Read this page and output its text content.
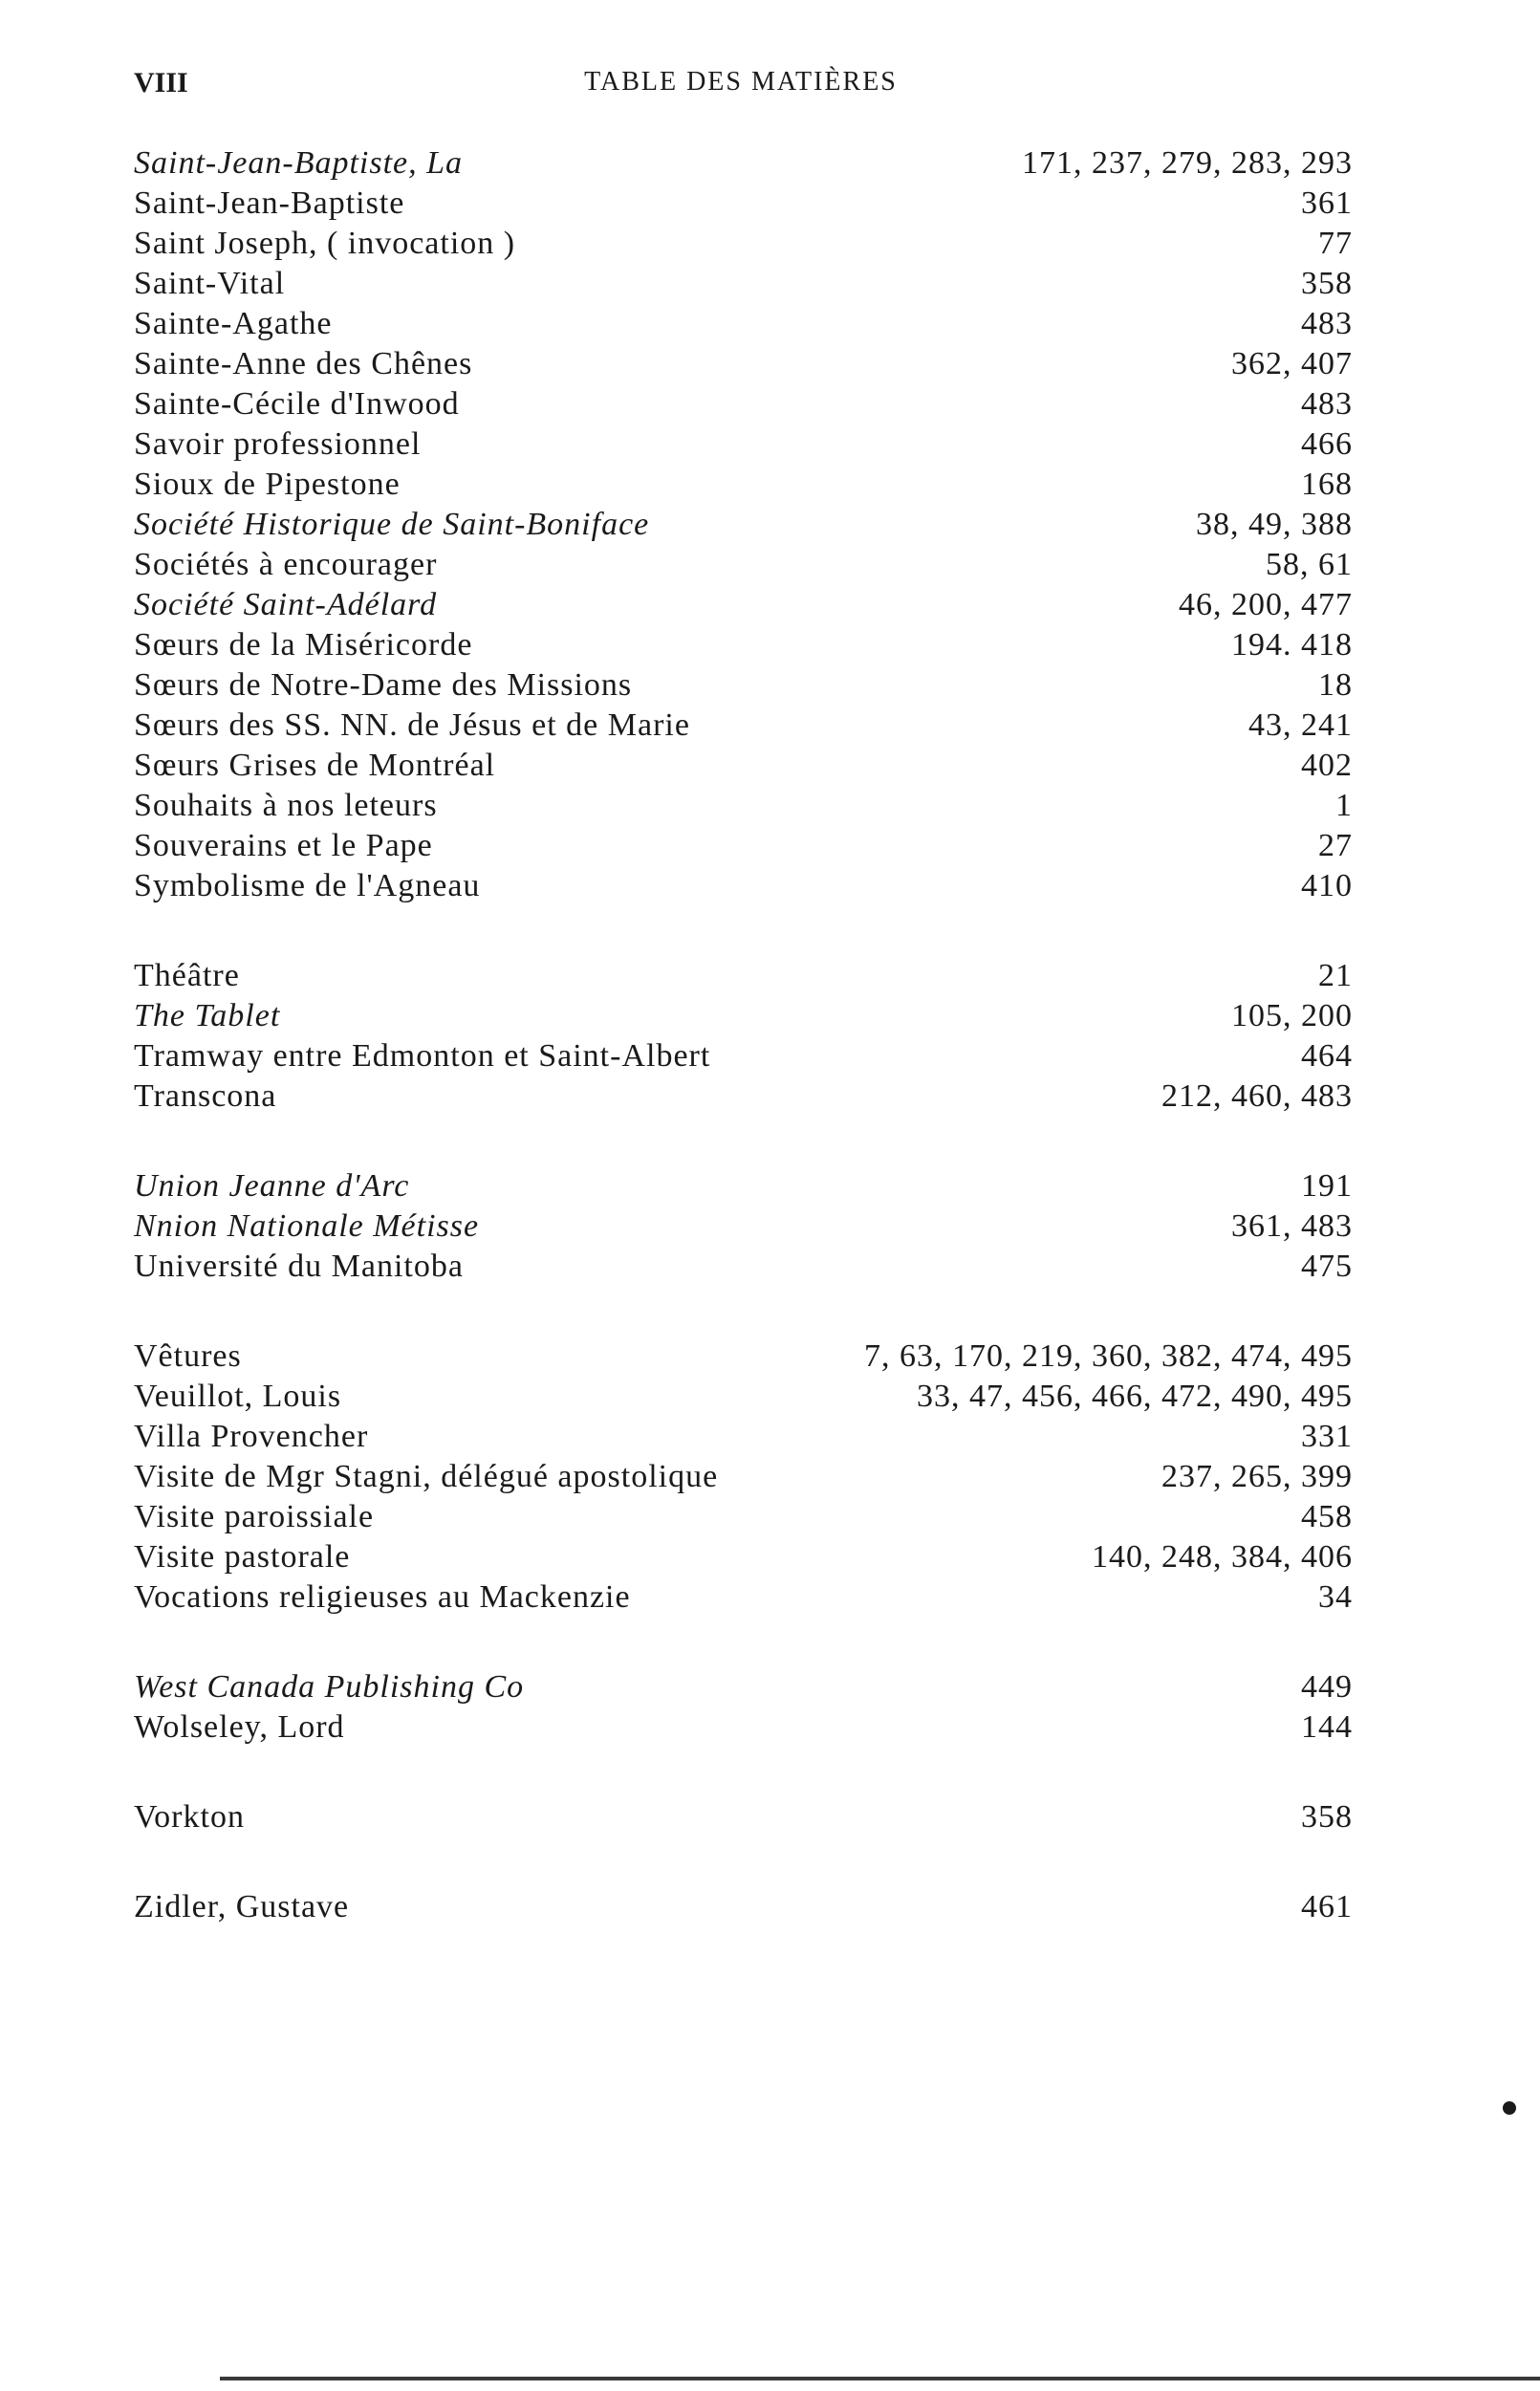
VIII	TABLE DES MATIÈRES
Saint-Jean-Baptiste, La	171, 237, 279, 283, 293
Saint-Jean-Baptiste	361
Saint Joseph, ( invocation )	77
Saint-Vital	358
Sainte-Agathe	483
Sainte-Anne des Chênes	362, 407
Sainte-Cécile d'Inwood	483
Savoir professionnel	466
Sioux de Pipestone	168
Société Historique de Saint-Boniface	38, 49, 388
Sociétés à encourager	58, 61
Société Saint-Adélard	46, 200, 477
Sœurs de la Miséricorde	194. 418
Sœurs de Notre-Dame des Missions	18
Sœurs des SS. NN. de Jésus et de Marie	43, 241
Sœurs Grises de Montréal	402
Souhaits à nos leteurs	1
Souverains et le Pape	27
Symbolisme de l'Agneau	410
Théâtre	21
The Tablet	105, 200
Tramway entre Edmonton et Saint-Albert	464
Transcona	212, 460, 483
Union Jeanne d'Arc	191
Nnion Nationale Métisse	361, 483
Université du Manitoba	475
Vêtures	7, 63, 170, 219, 360, 382, 474, 495
Veuillot, Louis	33, 47, 456, 466, 472, 490, 495
Villa Provencher	331
Visite de Mgr Stagni, délégué apostolique	237, 265, 399
Visite paroissiale	458
Visite pastorale	140, 248, 384, 406
Vocations religieuses au Mackenzie	34
West Canada Publishing Co	449
Wolseley, Lord	144
Vorkton	358
Zidler, Gustave	461
